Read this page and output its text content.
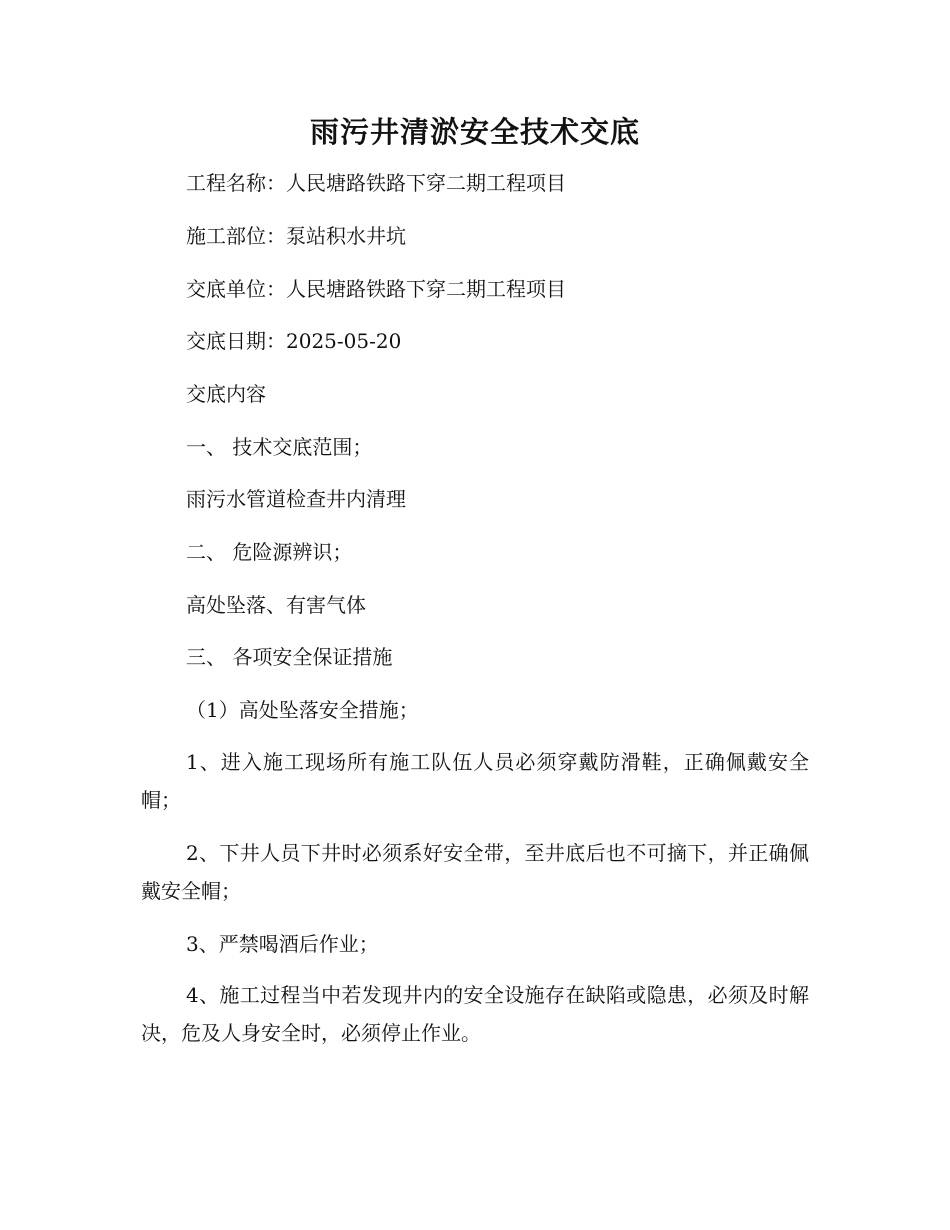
雨污井清淤安全技术交底
工程名称：人民塘路铁路下穿二期工程项目
施工部位：泵站积水井坑
交底单位：人民塘路铁路下穿二期工程项目
交底日期：2025-05-20
交底内容
一、 技术交底范围；
雨污水管道检查井内清理
二、 危险源辨识；
高处坠落、有害气体
三、 各项安全保证措施
（1）高处坠落安全措施；
1、进入施工现场所有施工队伍人员必须穿戴防滑鞋，正确佩戴安全帽；
2、下井人员下井时必须系好安全带，至井底后也不可摘下，并正确佩戴安全帽；
3、严禁喝酒后作业；
4、施工过程当中若发现井内的安全设施存在缺陷或隐患，必须及时解决，危及人身安全时，必须停止作业。
